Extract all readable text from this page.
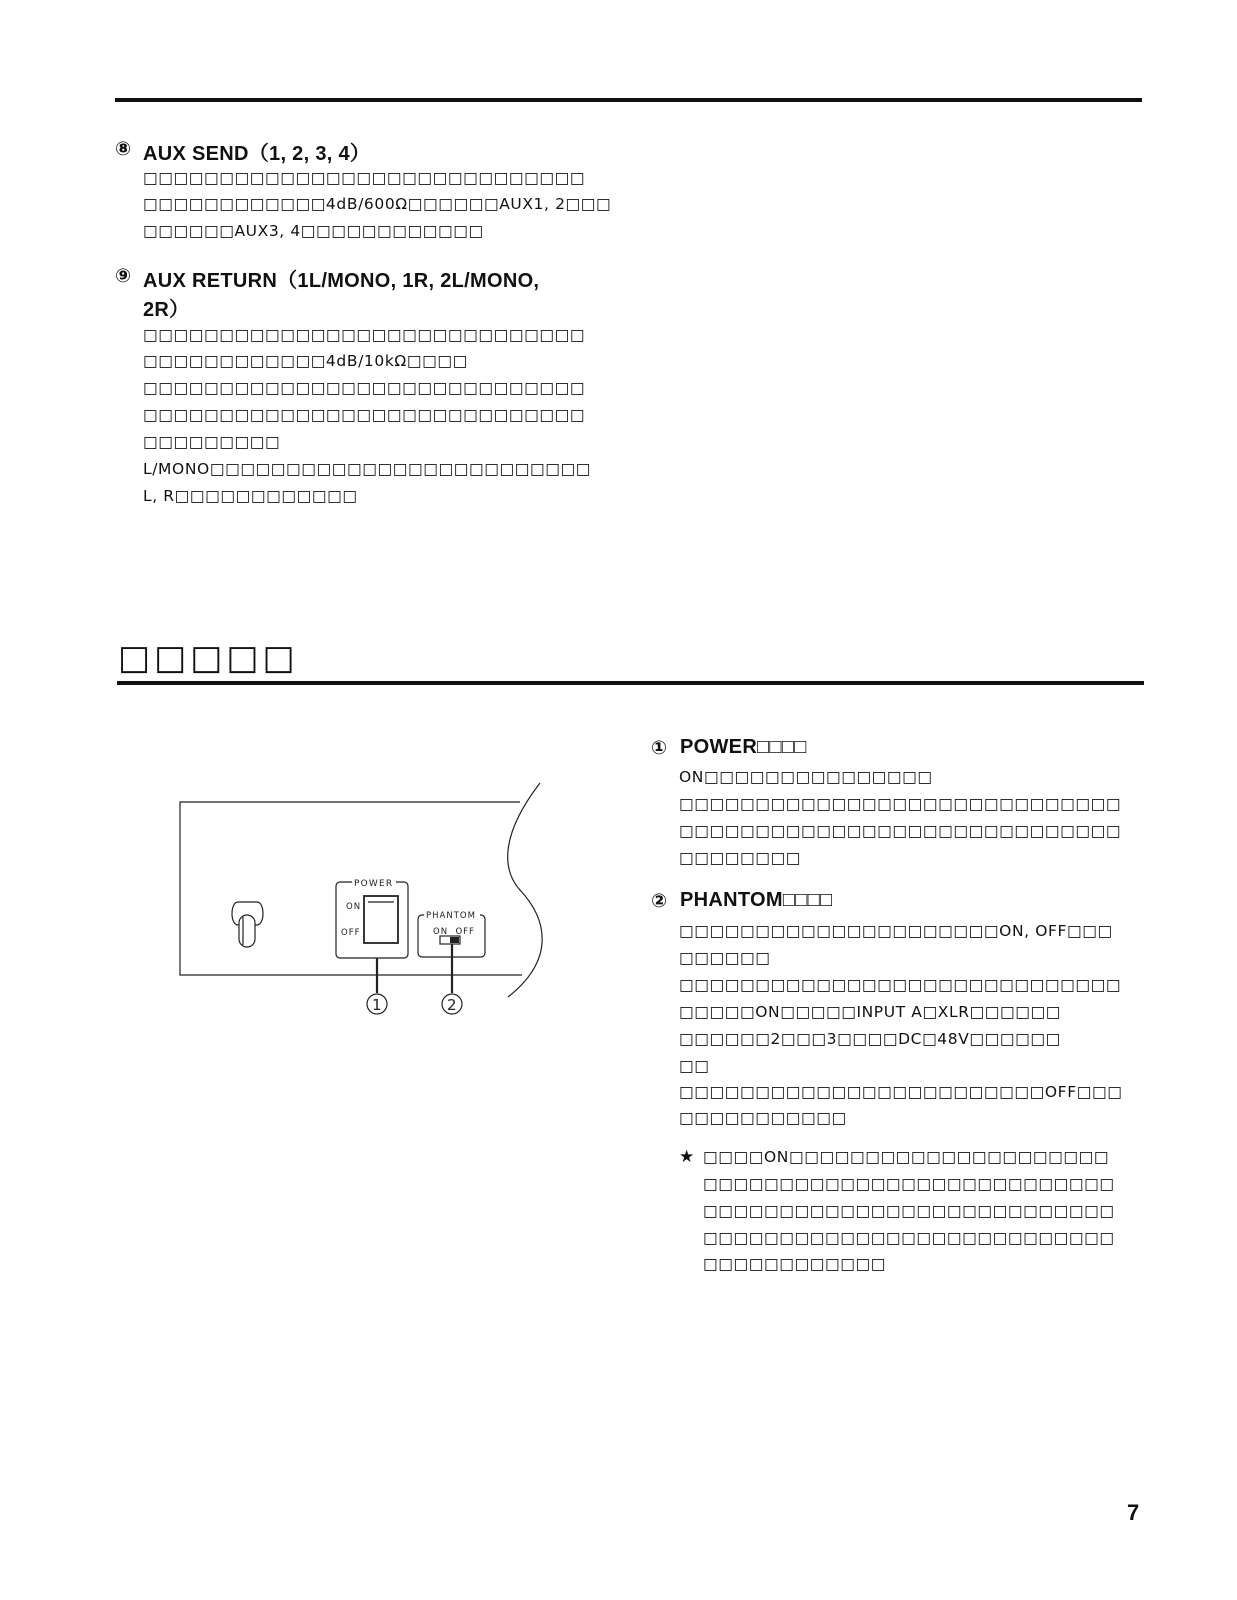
⑧ AUX SEND（1, 2, 3, 4）
□□□□□□□□□□□□□□□□□□□□□□□□□□□□□
□□□□□□□□□□□□4dB/600Ω□□□□□□AUX1, 2□□□
□□□□□□AUX3, 4□□□□□□□□□□□□
⑨ AUX RETURN（1L/MONO, 1R, 2L/MONO,
2R）
□□□□□□□□□□□□□□□□□□□□□□□□□□□□□
□□□□□□□□□□□□4dB/10kΩ□□□□
□□□□□□□□□□□□□□□□□□□□□□□□□□□□□
□□□□□□□□□□□□□□□□□□□□□□□□□□□□□
□□□□□□□□□
L/MONO□□□□□□□□□□□□□□□□□□□□□□□□□
L, R□□□□□□□□□□□□
□□□□□
POWER
ON
OFF
PHANTOM
ON  OFF
1	2
① POWER□□□□
ON□□□□□□□□□□□□□□□
□□□□□□□□□□□□□□□□□□□□□□□□□□□□□
□□□□□□□□□□□□□□□□□□□□□□□□□□□□□
□□□□□□□□
② PHANTOM□□□□
□□□□□□□□□□□□□□□□□□□□□ON, OFF□□□
□□□□□□
□□□□□□□□□□□□□□□□□□□□□□□□□□□□□
□□□□□ON□□□□□INPUT A□XLR□□□□□□
□□□□□□2□□□3□□□□DC□48V□□□□□□
□□
□□□□□□□□□□□□□□□□□□□□□□□□OFF□□□
□□□□□□□□□□□
★ □□□□ON□□□□□□□□□□□□□□□□□□□□□
□□□□□□□□□□□□□□□□□□□□□□□□□□□
□□□□□□□□□□□□□□□□□□□□□□□□□□□
□□□□□□□□□□□□□□□□□□□□□□□□□□□
□□□□□□□□□□□□
7
